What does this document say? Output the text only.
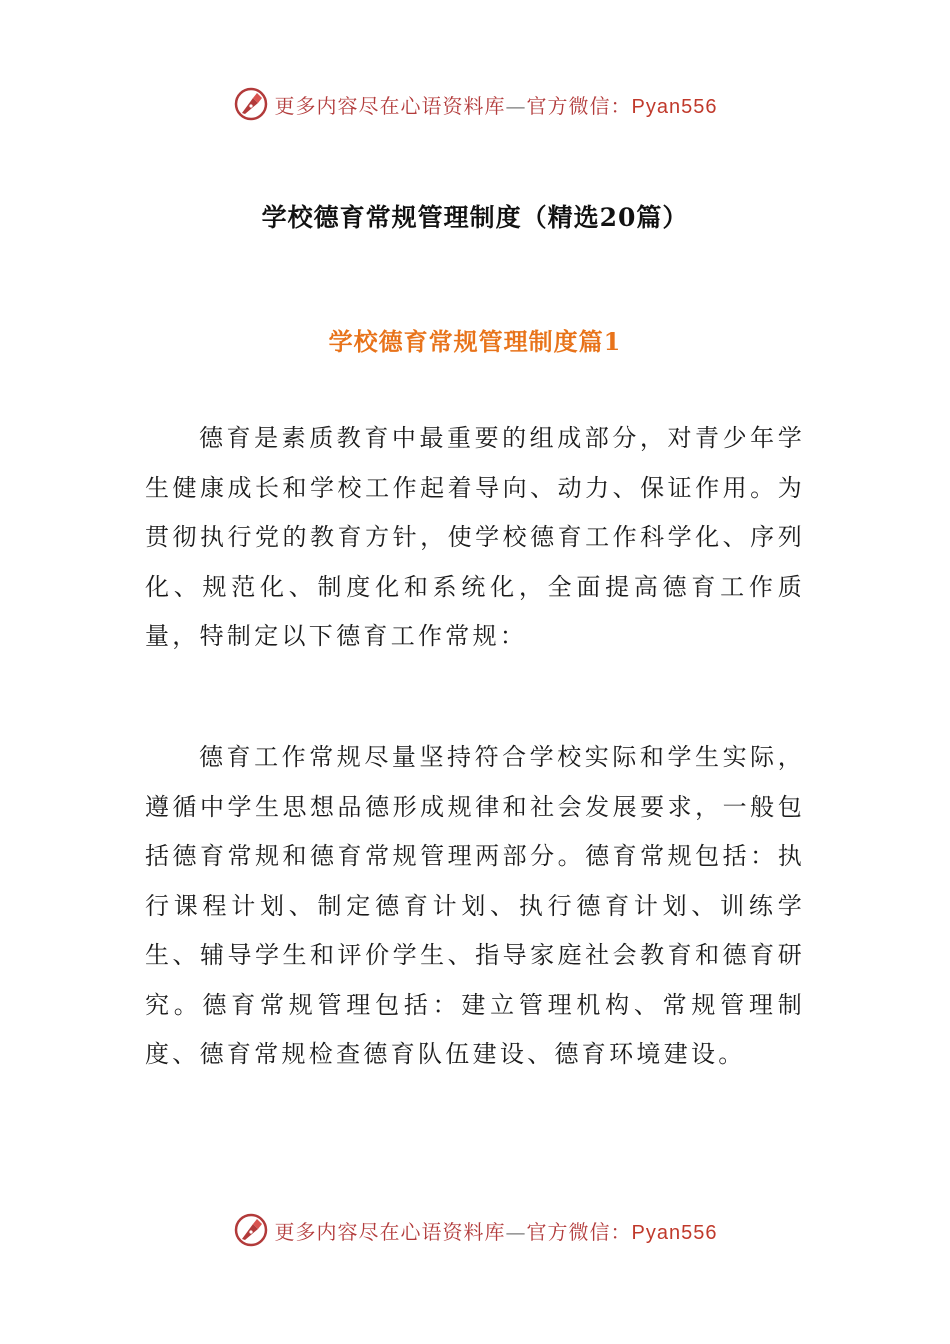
更多内容尽在心语资料库—官方微信：Pyan556
学校德育常规管理制度（精选20篇）
学校德育常规管理制度篇1

德育是素质教育中最重要的组成部分，对青少年学生健康成长和学校工作起着导向、动力、保证作用。为贯彻执行党的教育方针，使学校德育工作科学化、序列化、规范化、制度化和系统化，全面提高德育工作质量，特制定以下德育工作常规：

德育工作常规尽量坚持符合学校实际和学生实际，遵循中学生思想品德形成规律和社会发展要求，一般包括德育常规和德育常规管理两部分。德育常规包括：执行课程计划、制定德育计划、执行德育计划、训练学生、辅导学生和评价学生、指导家庭社会教育和德育研究。德育常规管理包括：建立管理机构、常规管理制度、德育常规检查德育队伍建设、德育环境建设。

更多内容尽在心语资料库—官方微信：Pyan556
